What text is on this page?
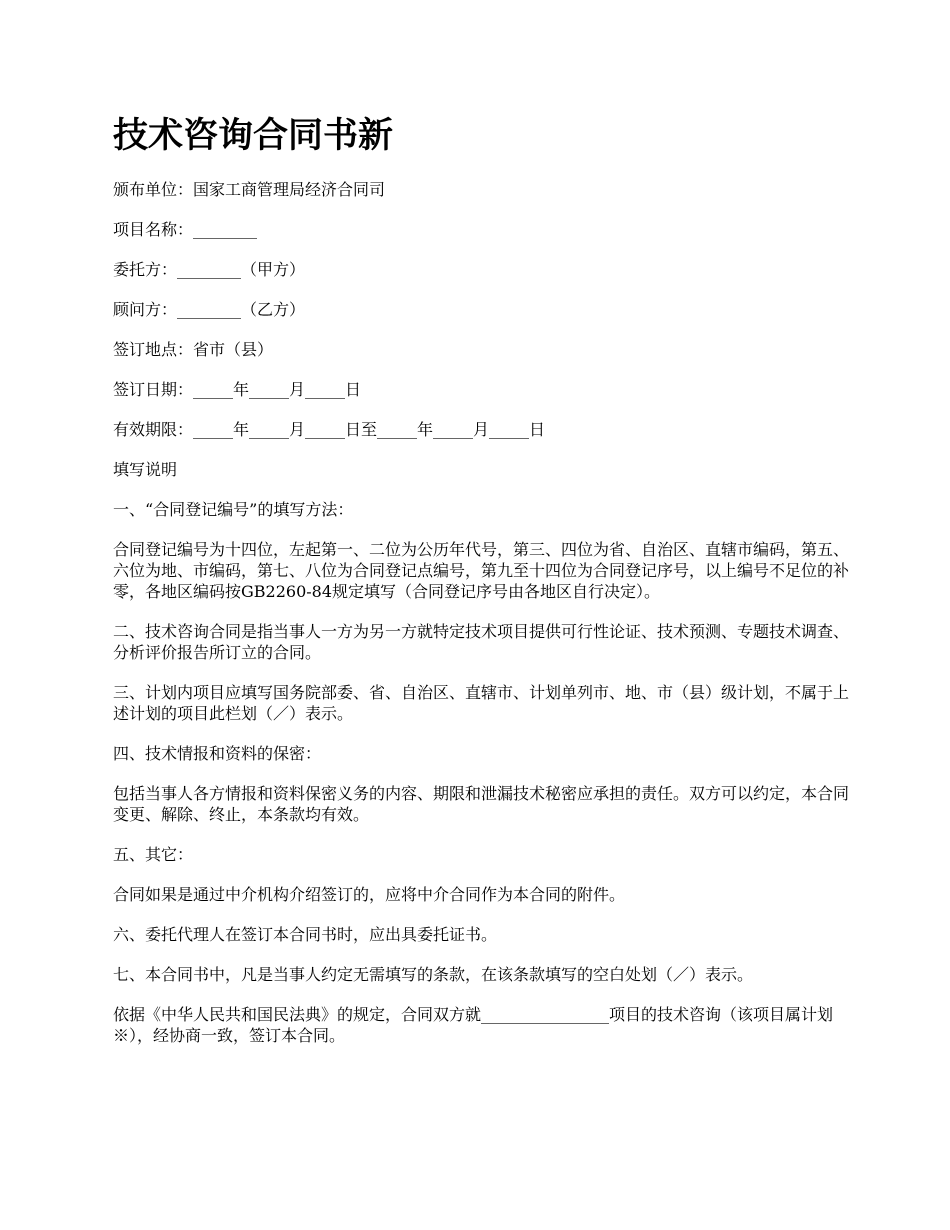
技术咨询合同书新

颁布单位：国家工商管理局经济合同司

项目名称：________

委托方：________（甲方）

顾问方：________（乙方）

签订地点：省市（县）

签订日期：_____年_____月_____日

有效期限：_____年_____月_____日至_____年_____月_____日

填写说明

一、“合同登记编号”的填写方法：

合同登记编号为十四位，左起第一、二位为公历年代号，第三、四位为省、自治区、直辖市编码，第五、六位为地、市编码，第七、八位为合同登记点编号，第九至十四位为合同登记序号，以上编号不足位的补零，各地区编码按GB2260-84规定填写（合同登记序号由各地区自行决定）。

二、技术咨询合同是指当事人一方为另一方就特定技术项目提供可行性论证、技术预测、专题技术调查、分析评价报告所订立的合同。

三、计划内项目应填写国务院部委、省、自治区、直辖市、计划单列市、地、市（县）级计划，不属于上述计划的项目此栏划（／）表示。

四、技术情报和资料的保密：

包括当事人各方情报和资料保密义务的内容、期限和泄漏技术秘密应承担的责任。双方可以约定，本合同变更、解除、终止，本条款均有效。

五、其它：

合同如果是通过中介机构介绍签订的，应将中介合同作为本合同的附件。

六、委托代理人在签订本合同书时，应出具委托证书。

七、本合同书中，凡是当事人约定无需填写的条款，在该条款填写的空白处划（／）表示。

依据《中华人民共和国民法典》的规定，合同双方就________________项目的技术咨询（该项目属计划※），经协商一致，签订本合同。
